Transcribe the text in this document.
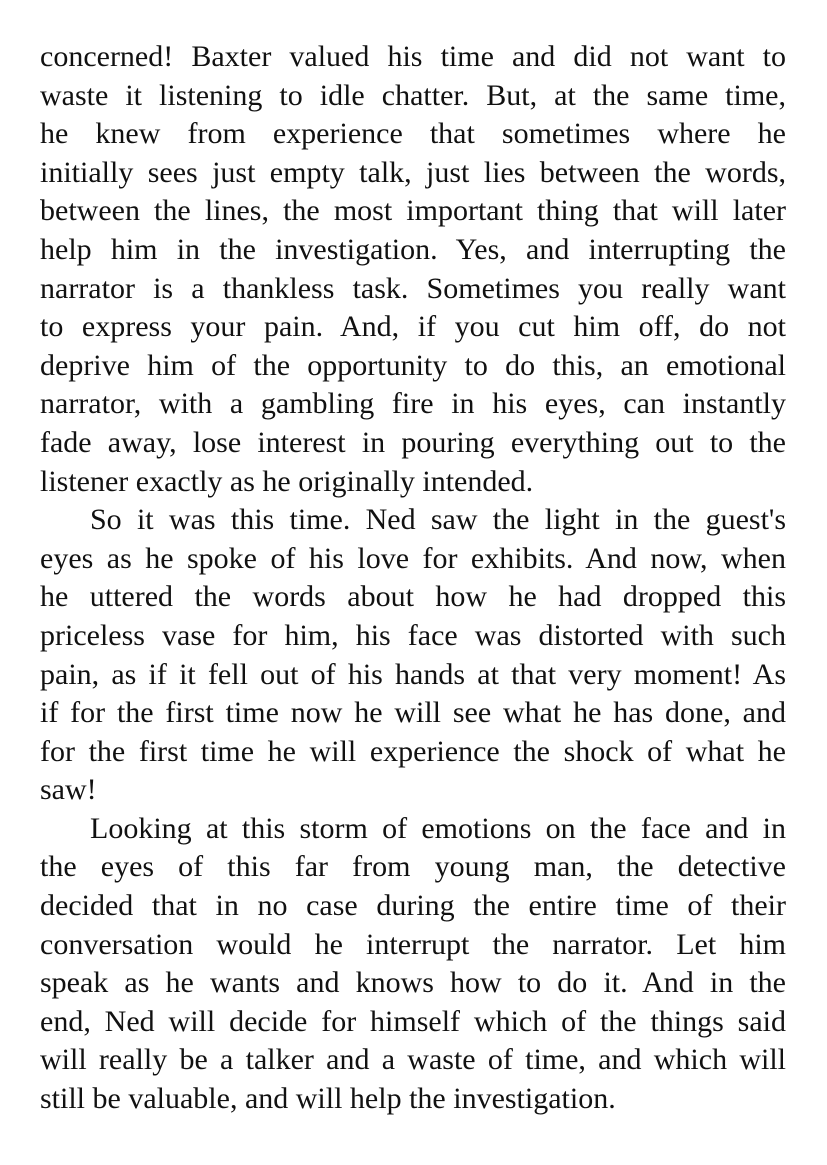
concerned! Baxter valued his time and did not want to
waste it listening to idle chatter. But, at the same time,
he knew from experience that sometimes where he
initially sees just empty talk, just lies between the words,
between the lines, the most important thing that will later
help him in the investigation. Yes, and interrupting the
narrator is a thankless task. Sometimes you really want
to express your pain. And, if you cut him off, do not
deprive him of the opportunity to do this, an emotional
narrator, with a gambling fire in his eyes, can instantly
fade away, lose interest in pouring everything out to the
listener exactly as he originally intended.
So it was this time. Ned saw the light in the guest's
eyes as he spoke of his love for exhibits. And now, when
he uttered the words about how he had dropped this
priceless vase for him, his face was distorted with such
pain, as if it fell out of his hands at that very moment! As
if for the first time now he will see what he has done, and
for the first time he will experience the shock of what he
saw!
Looking at this storm of emotions on the face and in
the eyes of this far from young man, the detective
decided that in no case during the entire time of their
conversation would he interrupt the narrator. Let him
speak as he wants and knows how to do it. And in the
end, Ned will decide for himself which of the things said
will really be a talker and a waste of time, and which will
still be valuable, and will help the investigation.
